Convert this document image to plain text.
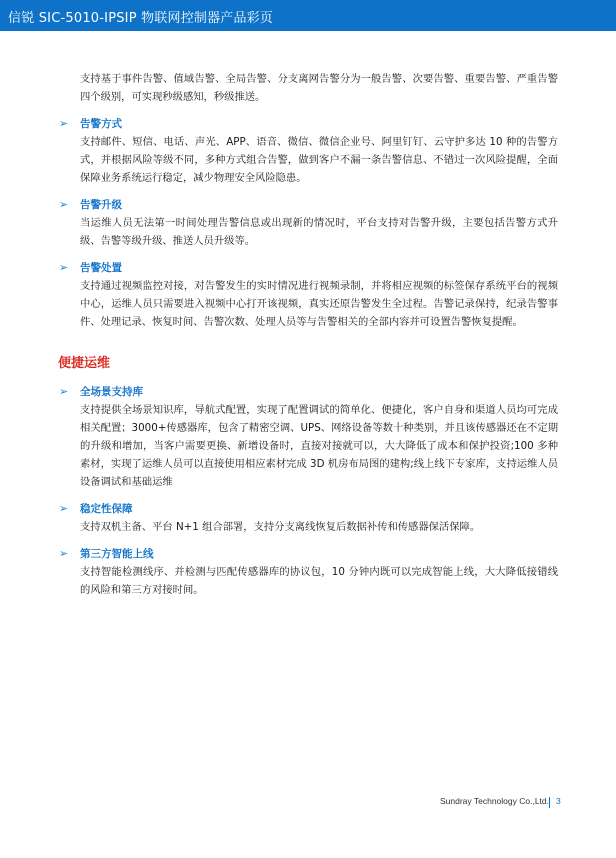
信锐 SIC-5010-IPSIP 物联网控制器产品彩页

支持基于事件告警、值域告警、全局告警、分支离网告警分为一般告警、次要告警、重要告警、严重告警四个级别，可实现秒级感知，秒级推送。

➢ 告警方式

支持邮件、短信、电话、声光、APP、语音、微信、微信企业号、阿里钉钉、云守护多达 10 种的告警方式，并根据风险等级不同，多种方式组合告警，做到客户不漏一条告警信息、不错过一次风险提醒，全面保障业务系统运行稳定，减少物理安全风险隐患。

➢ 告警升级

当运维人员无法第一时间处理告警信息或出现新的情况时，平台支持对告警升级，主要包括告警方式升级、告警等级升级、推送人员升级等。

➢ 告警处置

支持通过视频监控对接，对告警发生的实时情况进行视频录制，并将相应视频的标签保存系统平台的视频中心，运维人员只需要进入视频中心打开该视频，真实还原告警发生全过程。告警记录保持，纪录告警事件、处理记录、恢复时间、告警次数、处理人员等与告警相关的全部内容并可设置告警恢复提醒。

便捷运维
➢ 全场景支持库

支持提供全场景知识库，导航式配置，实现了配置调试的简单化、便捷化，客户自身和渠道人员均可完成相关配置；3000+传感器库，包含了精密空调、UPS、网络设备等数十种类别，并且该传感器还在不定期的升级和增加，当客户需要更换、新增设备时，直接对接就可以，大大降低了成本和保护投资;100 多种素材，实现了运维人员可以直接使用相应素材完成 3D 机房布局图的建构;线上线下专家库，支持运维人员设备调试和基础运维

➢ 稳定性保障

支持双机主备、平台 N+1 组合部署，支持分支离线恢复后数据补传和传感器保活保障。

➢ 第三方智能上线

支持智能检测线序、并检测与匹配传感器库的协议包，10 分钟内既可以完成智能上线，大大降低接错线的风险和第三方对接时间。

Sundray Technology Co.,Ltd. 3
